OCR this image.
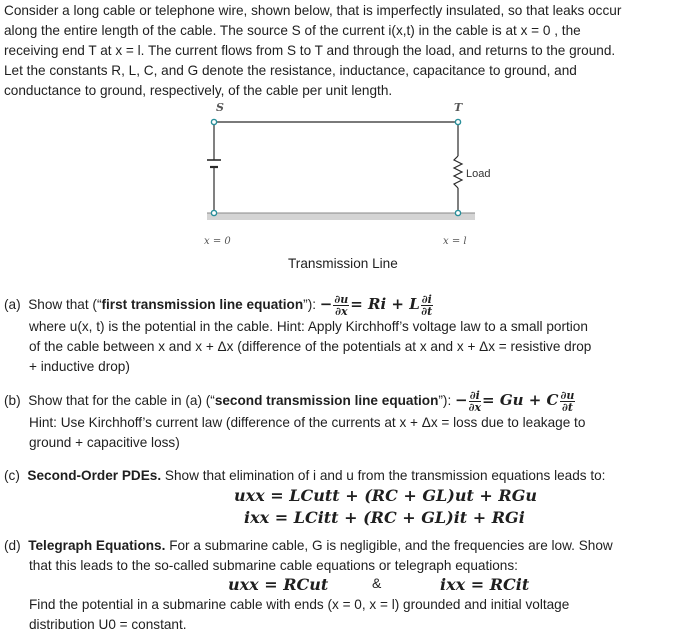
Consider a long cable or telephone wire, shown below, that is imperfectly insulated, so that leaks occur
along the entire length of the cable. The source S of the current i(x,t) in the cable is at x = 0 , the
receiving end T at x = l. The current flows from S to T and through the load, and returns to the ground.
Let the constants R, L, C, and G denote the resistance, inductance, capacitance to ground, and
conductance to ground, respectively, of the cable per unit length.
S	T
Load
x = 0	x = l
Transmission Line
(a) Show that (“first transmission line equation”): − $\frac{\partial u}{\partial x} = Ri + L \frac{\partial i}{\partial t}$
where u(x, t) is the potential in the cable. Hint: Apply Kirchhoff’s voltage law to a small portion
of the cable between x and x + Δx (difference of the potentials at x and x + Δx = resistive drop
+ inductive drop)
(b) Show that for the cable in (a) (“second transmission line equation”): − $\frac{\partial i}{\partial x} = Gu + C \frac{\partial u}{\partial t}$
Hint: Use Kirchhoff’s current law (difference of the currents at x + Δx = loss due to leakage to
ground + capacitive loss)
(c) Second-Order PDEs. Show that elimination of i and u from the transmission equations leads to:
uxx = LCutt + (RC + GL)ut + RGu
ixx = LCitt + (RC + GL)it + RGi
(d) Telegraph Equations. For a submarine cable, G is negligible, and the frequencies are low. Show
that this leads to the so-called submarine cable equations or telegraph equations:
uxx = RCut	&	ixx = RCit
Find the potential in a submarine cable with ends (x = 0, x = l) grounded and initial voltage
distribution U0 = constant.
